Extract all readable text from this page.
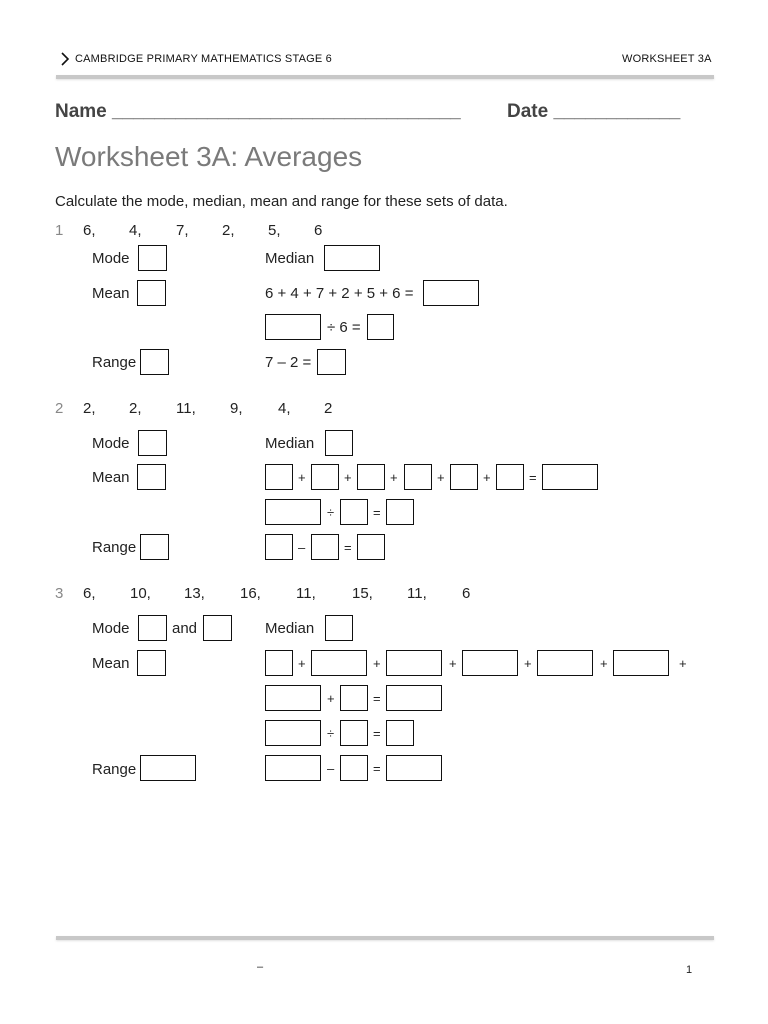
CAMBRIDGE PRIMARY MATHEMATICS STAGE 6	WORKSHEET 3A
Name _________________________________ Date ____________
Worksheet 3A: Averages
Calculate the mode, median, mean and range for these sets of data.
1 6, 4, 7, 2, 5, 6
Mode	Median
Mean	6 + 4 + 7 + 2 + 5 + 6 =
÷ 6 =
Range	7 – 2 =
2 2, 2, 11, 9, 4, 2
Mode	Median
Mean	+	+	+	+	+	=
÷	=
Range	–	=
3 6, 10, 13, 16, 11, 15, 11, 6
Mode	and	Median
Mean	+	+	+	+	+	+
+	=
÷	=
Range	–	=
–	1
